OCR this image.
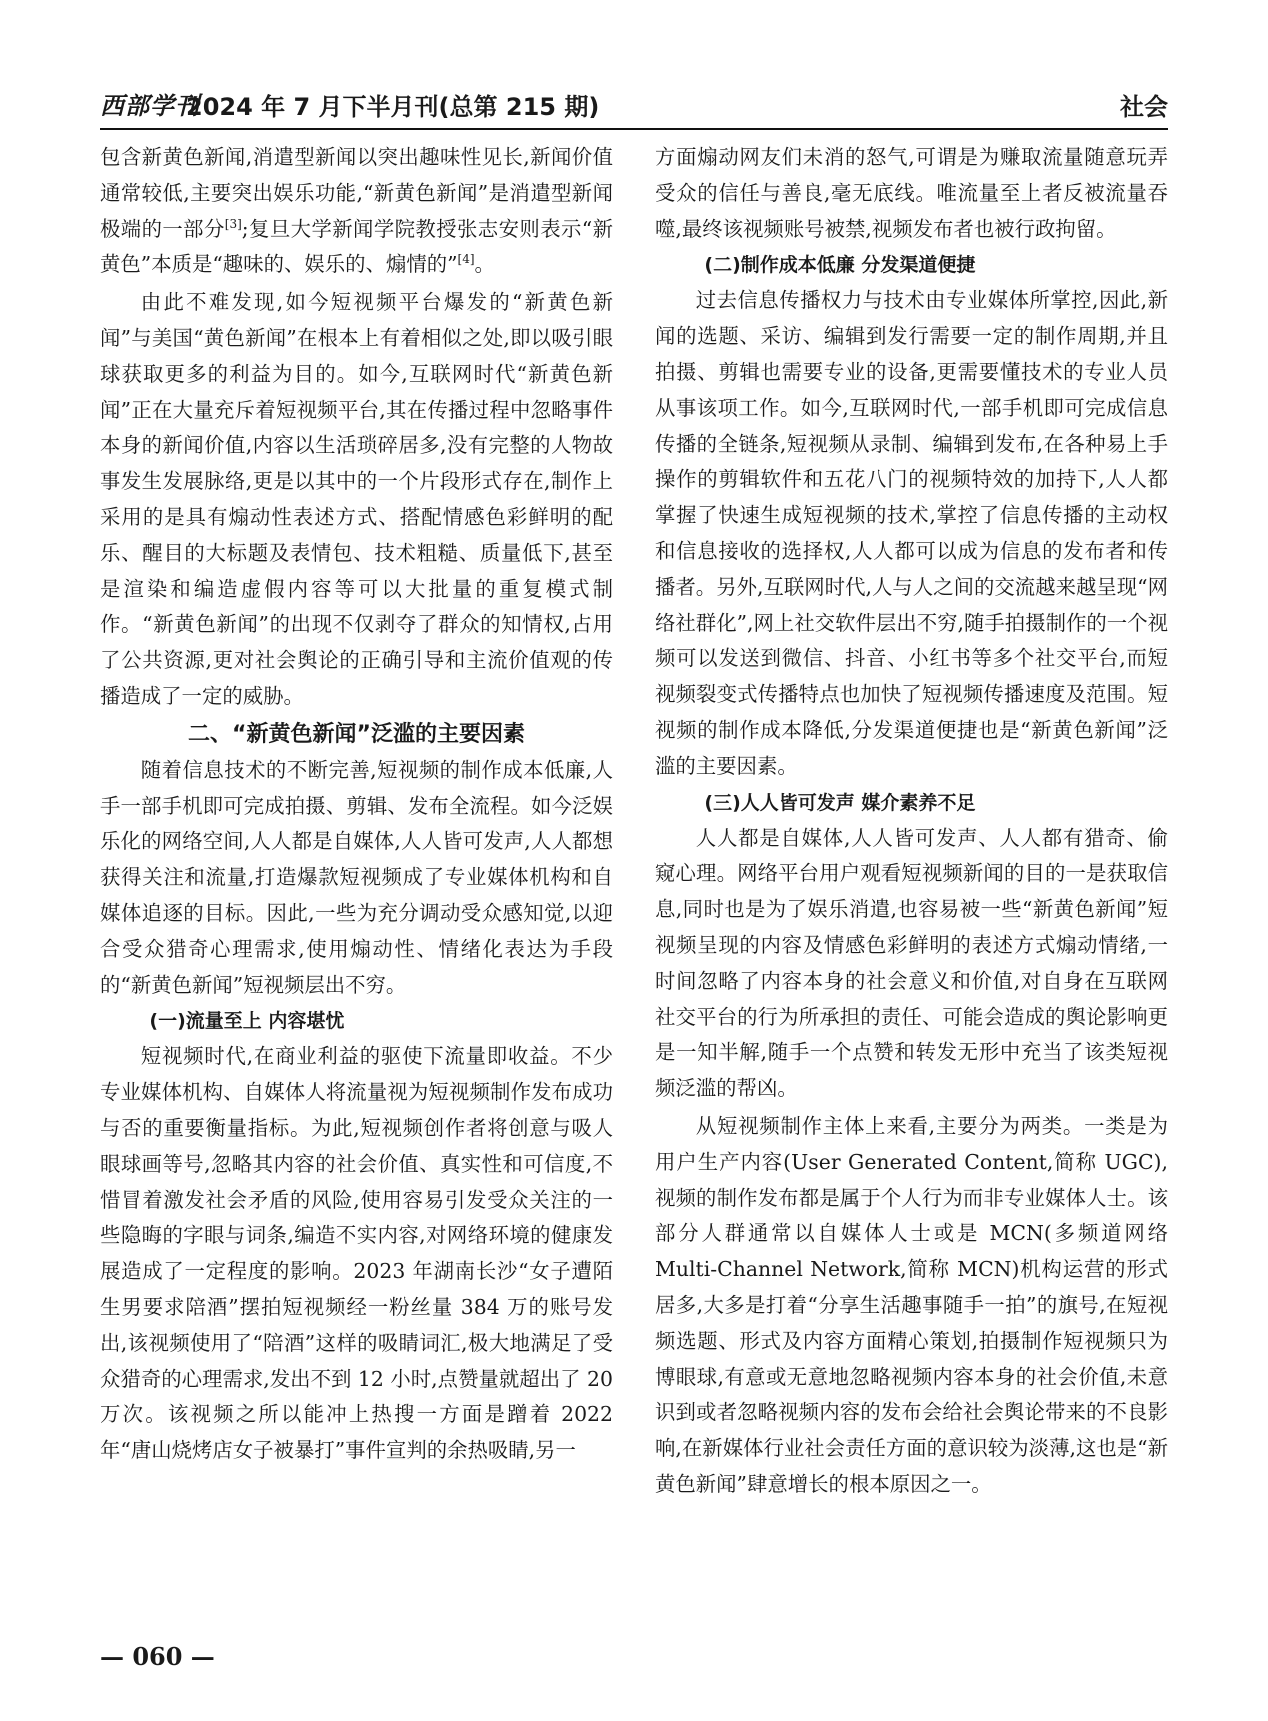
西部学刊
2024 年 7 月下半月刊(总第 215 期)	社会

包含新黄色新闻,消遣型新闻以突出趣味性见长,新闻价值通常较低,主要突出娱乐功能,“新黄色新闻”是消遣型新闻极端的一部分[3];复旦大学新闻学院教授张志安则表示“新黄色”本质是“趣味的、娱乐的、煽情的”[4]。

由此不难发现,如今短视频平台爆发的“新黄色新闻”与美国“黄色新闻”在根本上有着相似之处,即以吸引眼球获取更多的利益为目的。如今,互联网时代“新黄色新闻”正在大量充斥着短视频平台,其在传播过程中忽略事件本身的新闻价值,内容以生活琐碎居多,没有完整的人物故事发生发展脉络,更是以其中的一个片段形式存在,制作上采用的是具有煽动性表述方式、搭配情感色彩鲜明的配乐、醒目的大标题及表情包、技术粗糙、质量低下,甚至是渲染和编造虚假内容等可以大批量的重复模式制作。“新黄色新闻”的出现不仅剥夺了群众的知情权,占用了公共资源,更对社会舆论的正确引导和主流价值观的传播造成了一定的威胁。

二、“新黄色新闻”泛滥的主要因素

随着信息技术的不断完善,短视频的制作成本低廉,人手一部手机即可完成拍摄、剪辑、发布全流程。如今泛娱乐化的网络空间,人人都是自媒体,人人皆可发声,人人都想获得关注和流量,打造爆款短视频成了专业媒体机构和自媒体追逐的目标。因此,一些为充分调动受众感知觉,以迎合受众猎奇心理需求,使用煽动性、情绪化表达为手段的“新黄色新闻”短视频层出不穷。

(一)流量至上 内容堪忧

短视频时代,在商业利益的驱使下流量即收益。不少专业媒体机构、自媒体人将流量视为短视频制作发布成功与否的重要衡量指标。为此,短视频创作者将创意与吸人眼球画等号,忽略其内容的社会价值、真实性和可信度,不惜冒着激发社会矛盾的风险,使用容易引发受众关注的一些隐晦的字眼与词条,编造不实内容,对网络环境的健康发展造成了一定程度的影响。2023 年湖南长沙“女子遭陌生男要求陪酒”摆拍短视频经一粉丝量 384 万的账号发出,该视频使用了“陪酒”这样的吸睛词汇,极大地满足了受众猎奇的心理需求,发出不到 12 小时,点赞量就超出了 20 万次。该视频之所以能冲上热搜一方面是蹭着 2022 年“唐山烧烤店女子被暴打”事件宣判的余热吸睛,另一

方面煽动网友们未消的怒气,可谓是为赚取流量随意玩弄受众的信任与善良,毫无底线。唯流量至上者反被流量吞噬,最终该视频账号被禁,视频发布者也被行政拘留。

(二)制作成本低廉 分发渠道便捷

过去信息传播权力与技术由专业媒体所掌控,因此,新闻的选题、采访、编辑到发行需要一定的制作周期,并且拍摄、剪辑也需要专业的设备,更需要懂技术的专业人员从事该项工作。如今,互联网时代,一部手机即可完成信息传播的全链条,短视频从录制、编辑到发布,在各种易上手操作的剪辑软件和五花八门的视频特效的加持下,人人都掌握了快速生成短视频的技术,掌控了信息传播的主动权和信息接收的选择权,人人都可以成为信息的发布者和传播者。另外,互联网时代,人与人之间的交流越来越呈现“网络社群化”,网上社交软件层出不穷,随手拍摄制作的一个视频可以发送到微信、抖音、小红书等多个社交平台,而短视频裂变式传播特点也加快了短视频传播速度及范围。短视频的制作成本降低,分发渠道便捷也是“新黄色新闻”泛滥的主要因素。

(三)人人皆可发声 媒介素养不足

人人都是自媒体,人人皆可发声、人人都有猎奇、偷窥心理。网络平台用户观看短视频新闻的目的一是获取信息,同时也是为了娱乐消遣,也容易被一些“新黄色新闻”短视频呈现的内容及情感色彩鲜明的表述方式煽动情绪,一时间忽略了内容本身的社会意义和价值,对自身在互联网社交平台的行为所承担的责任、可能会造成的舆论影响更是一知半解,随手一个点赞和转发无形中充当了该类短视频泛滥的帮凶。

从短视频制作主体上来看,主要分为两类。一类是为用户生产内容(User Generated Content,简称 UGC),视频的制作发布都是属于个人行为而非专业媒体人士。该部分人群通常以自媒体人士或是 MCN(多频道网络 Multi-Channel Network,简称 MCN)机构运营的形式居多,大多是打着“分享生活趣事随手一拍”的旗号,在短视频选题、形式及内容方面精心策划,拍摄制作短视频只为博眼球,有意或无意地忽略视频内容本身的社会价值,未意识到或者忽略视频内容的发布会给社会舆论带来的不良影响,在新媒体行业社会责任方面的意识较为淡薄,这也是“新黄色新闻”肆意增长的根本原因之一。

— 060 —
